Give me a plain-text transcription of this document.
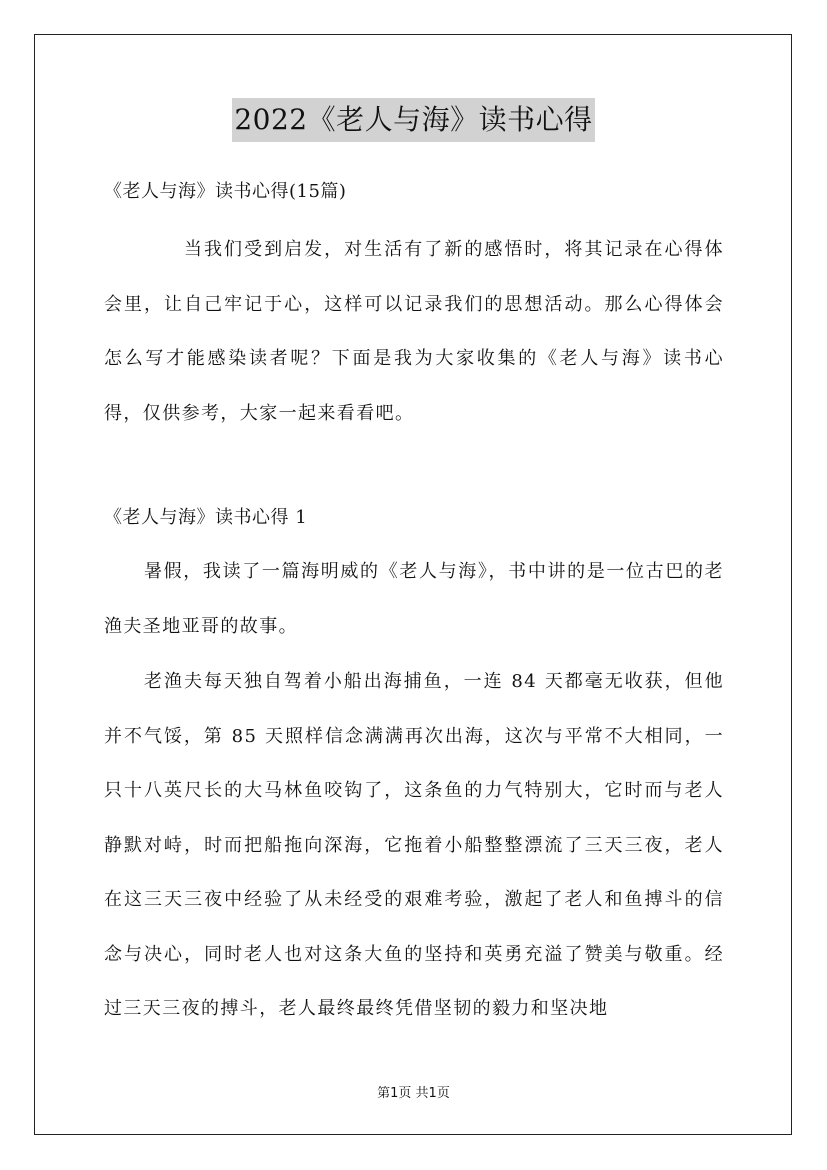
2022《老人与海》读书心得
《老人与海》读书心得(15篇)

当我们受到启发，对生活有了新的感悟时，将其记录在心得体会里，让自己牢记于心，这样可以记录我们的思想活动。那么心得体会怎么写才能感染读者呢？下面是我为大家收集的《老人与海》读书心得，仅供参考，大家一起来看看吧。

《老人与海》读书心得 1

暑假，我读了一篇海明威的《老人与海》，书中讲的是一位古巴的老渔夫圣地亚哥的故事。

老渔夫每天独自驾着小船出海捕鱼，一连 84 天都毫无收获，但他并不气馁，第 85 天照样信念满满再次出海，这次与平常不大相同，一只十八英尺长的大马林鱼咬钩了，这条鱼的力气特别大，它时而与老人静默对峙，时而把船拖向深海，它拖着小船整整漂流了三天三夜，老人在这三天三夜中经验了从未经受的艰难考验，激起了老人和鱼搏斗的信念与决心，同时老人也对这条大鱼的坚持和英勇充溢了赞美与敬重。经过三天三夜的搏斗，老人最终最终凭借坚韧的毅力和坚决地

第1页 共1页
